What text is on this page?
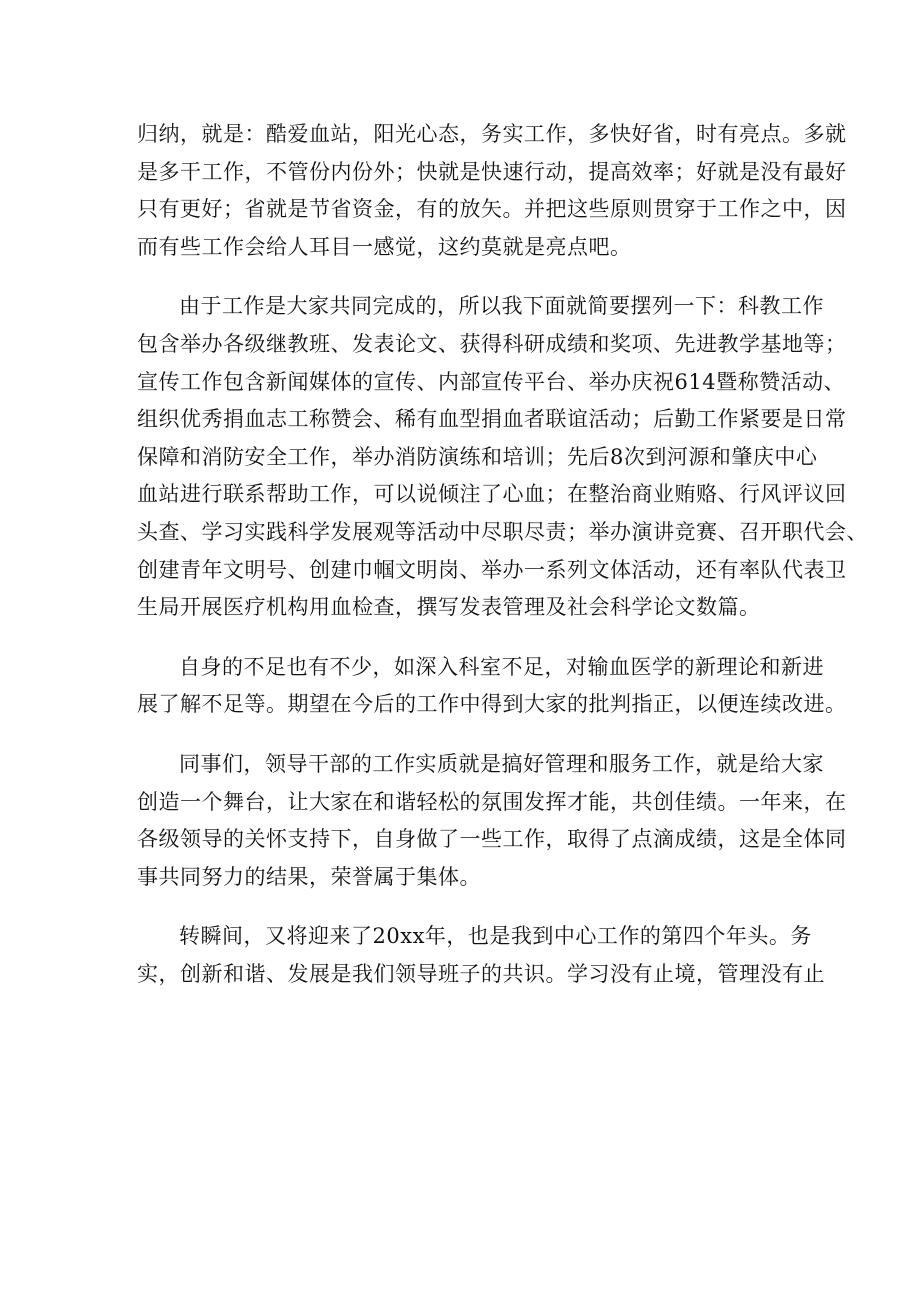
归纳，就是：酷爱血站，阳光心态，务实工作，多快好省，时有亮点。多就
是多干工作，不管份内份外；快就是快速行动，提高效率；好就是没有最好
只有更好；省就是节省资金，有的放矢。并把这些原则贯穿于工作之中，因
而有些工作会给人耳目一感觉，这约莫就是亮点吧。
由于工作是大家共同完成的，所以我下面就简要摆列一下：科教工作
包含举办各级继教班、发表论文、获得科研成绩和奖项、先进教学基地等；
宣传工作包含新闻媒体的宣传、内部宣传平台、举办庆祝614暨称赞活动、
组织优秀捐血志工称赞会、稀有血型捐血者联谊活动；后勤工作紧要是日常
保障和消防安全工作，举办消防演练和培训；先后8次到河源和肇庆中心
血站进行联系帮助工作，可以说倾注了心血；在整治商业贿赂、行风评议回
头查、学习实践科学发展观等活动中尽职尽责；举办演讲竞赛、召开职代会、
创建青年文明号、创建巾帼文明岗、举办一系列文体活动，还有率队代表卫
生局开展医疗机构用血检查，撰写发表管理及社会科学论文数篇。
自身的不足也有不少，如深入科室不足，对输血医学的新理论和新进
展了解不足等。期望在今后的工作中得到大家的批判指正，以便连续改进。
同事们，领导干部的工作实质就是搞好管理和服务工作，就是给大家
创造一个舞台，让大家在和谐轻松的氛围发挥才能，共创佳绩。一年来，在
各级领导的关怀支持下，自身做了一些工作，取得了点滴成绩，这是全体同
事共同努力的结果，荣誉属于集体。
转瞬间，又将迎来了20xx年，也是我到中心工作的第四个年头。务
实，创新和谐、发展是我们领导班子的共识。学习没有止境，管理没有止
